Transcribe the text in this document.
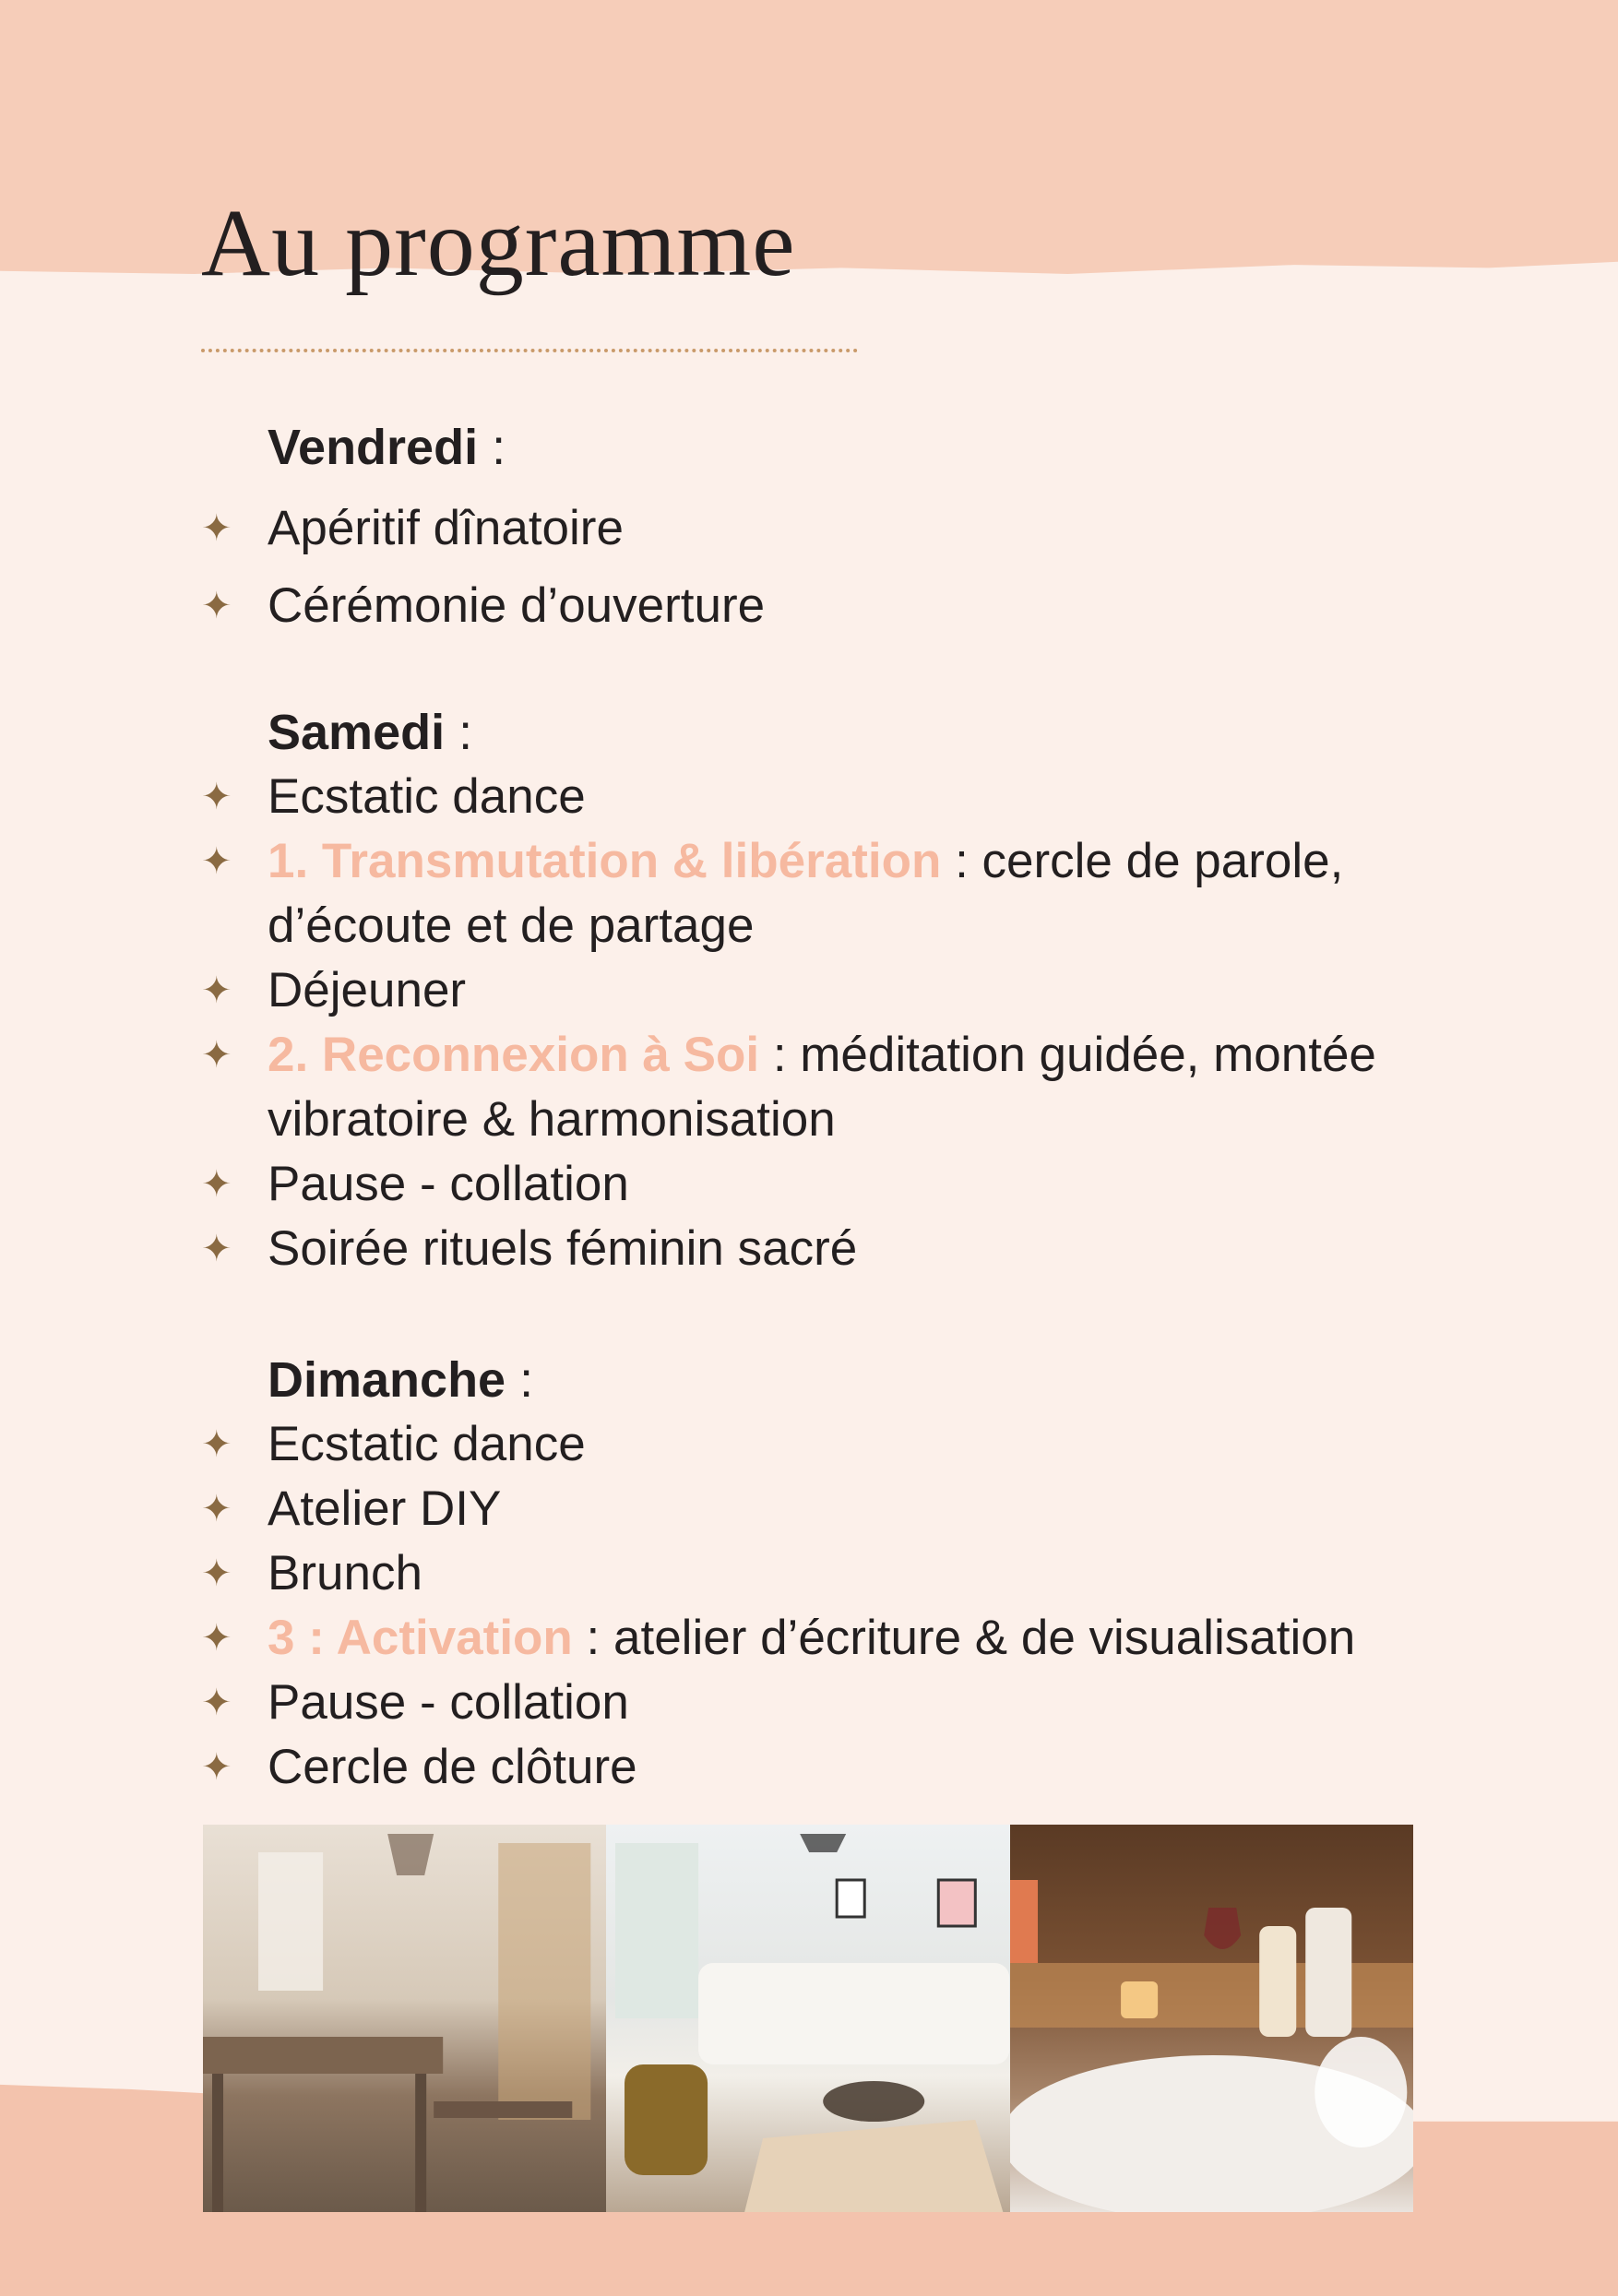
Au programme
Vendredi :
✦ Apéritif dînatoire
✦ Cérémonie d’ouverture
Samedi :
✦ Ecstatic dance
✦ 1. Transmutation & libération : cercle de parole, d’écoute et de partage
✦ Déjeuner
✦ 2. Reconnexion à Soi : méditation guidée, montée vibratoire & harmonisation
✦ Pause - collation
✦ Soirée rituels féminin sacré
Dimanche :
✦ Ecstatic dance
✦ Atelier DIY
✦ Brunch
✦ 3 : Activation : atelier d’écriture & de visualisation
✦ Pause - collation
✦ Cercle de clôture
